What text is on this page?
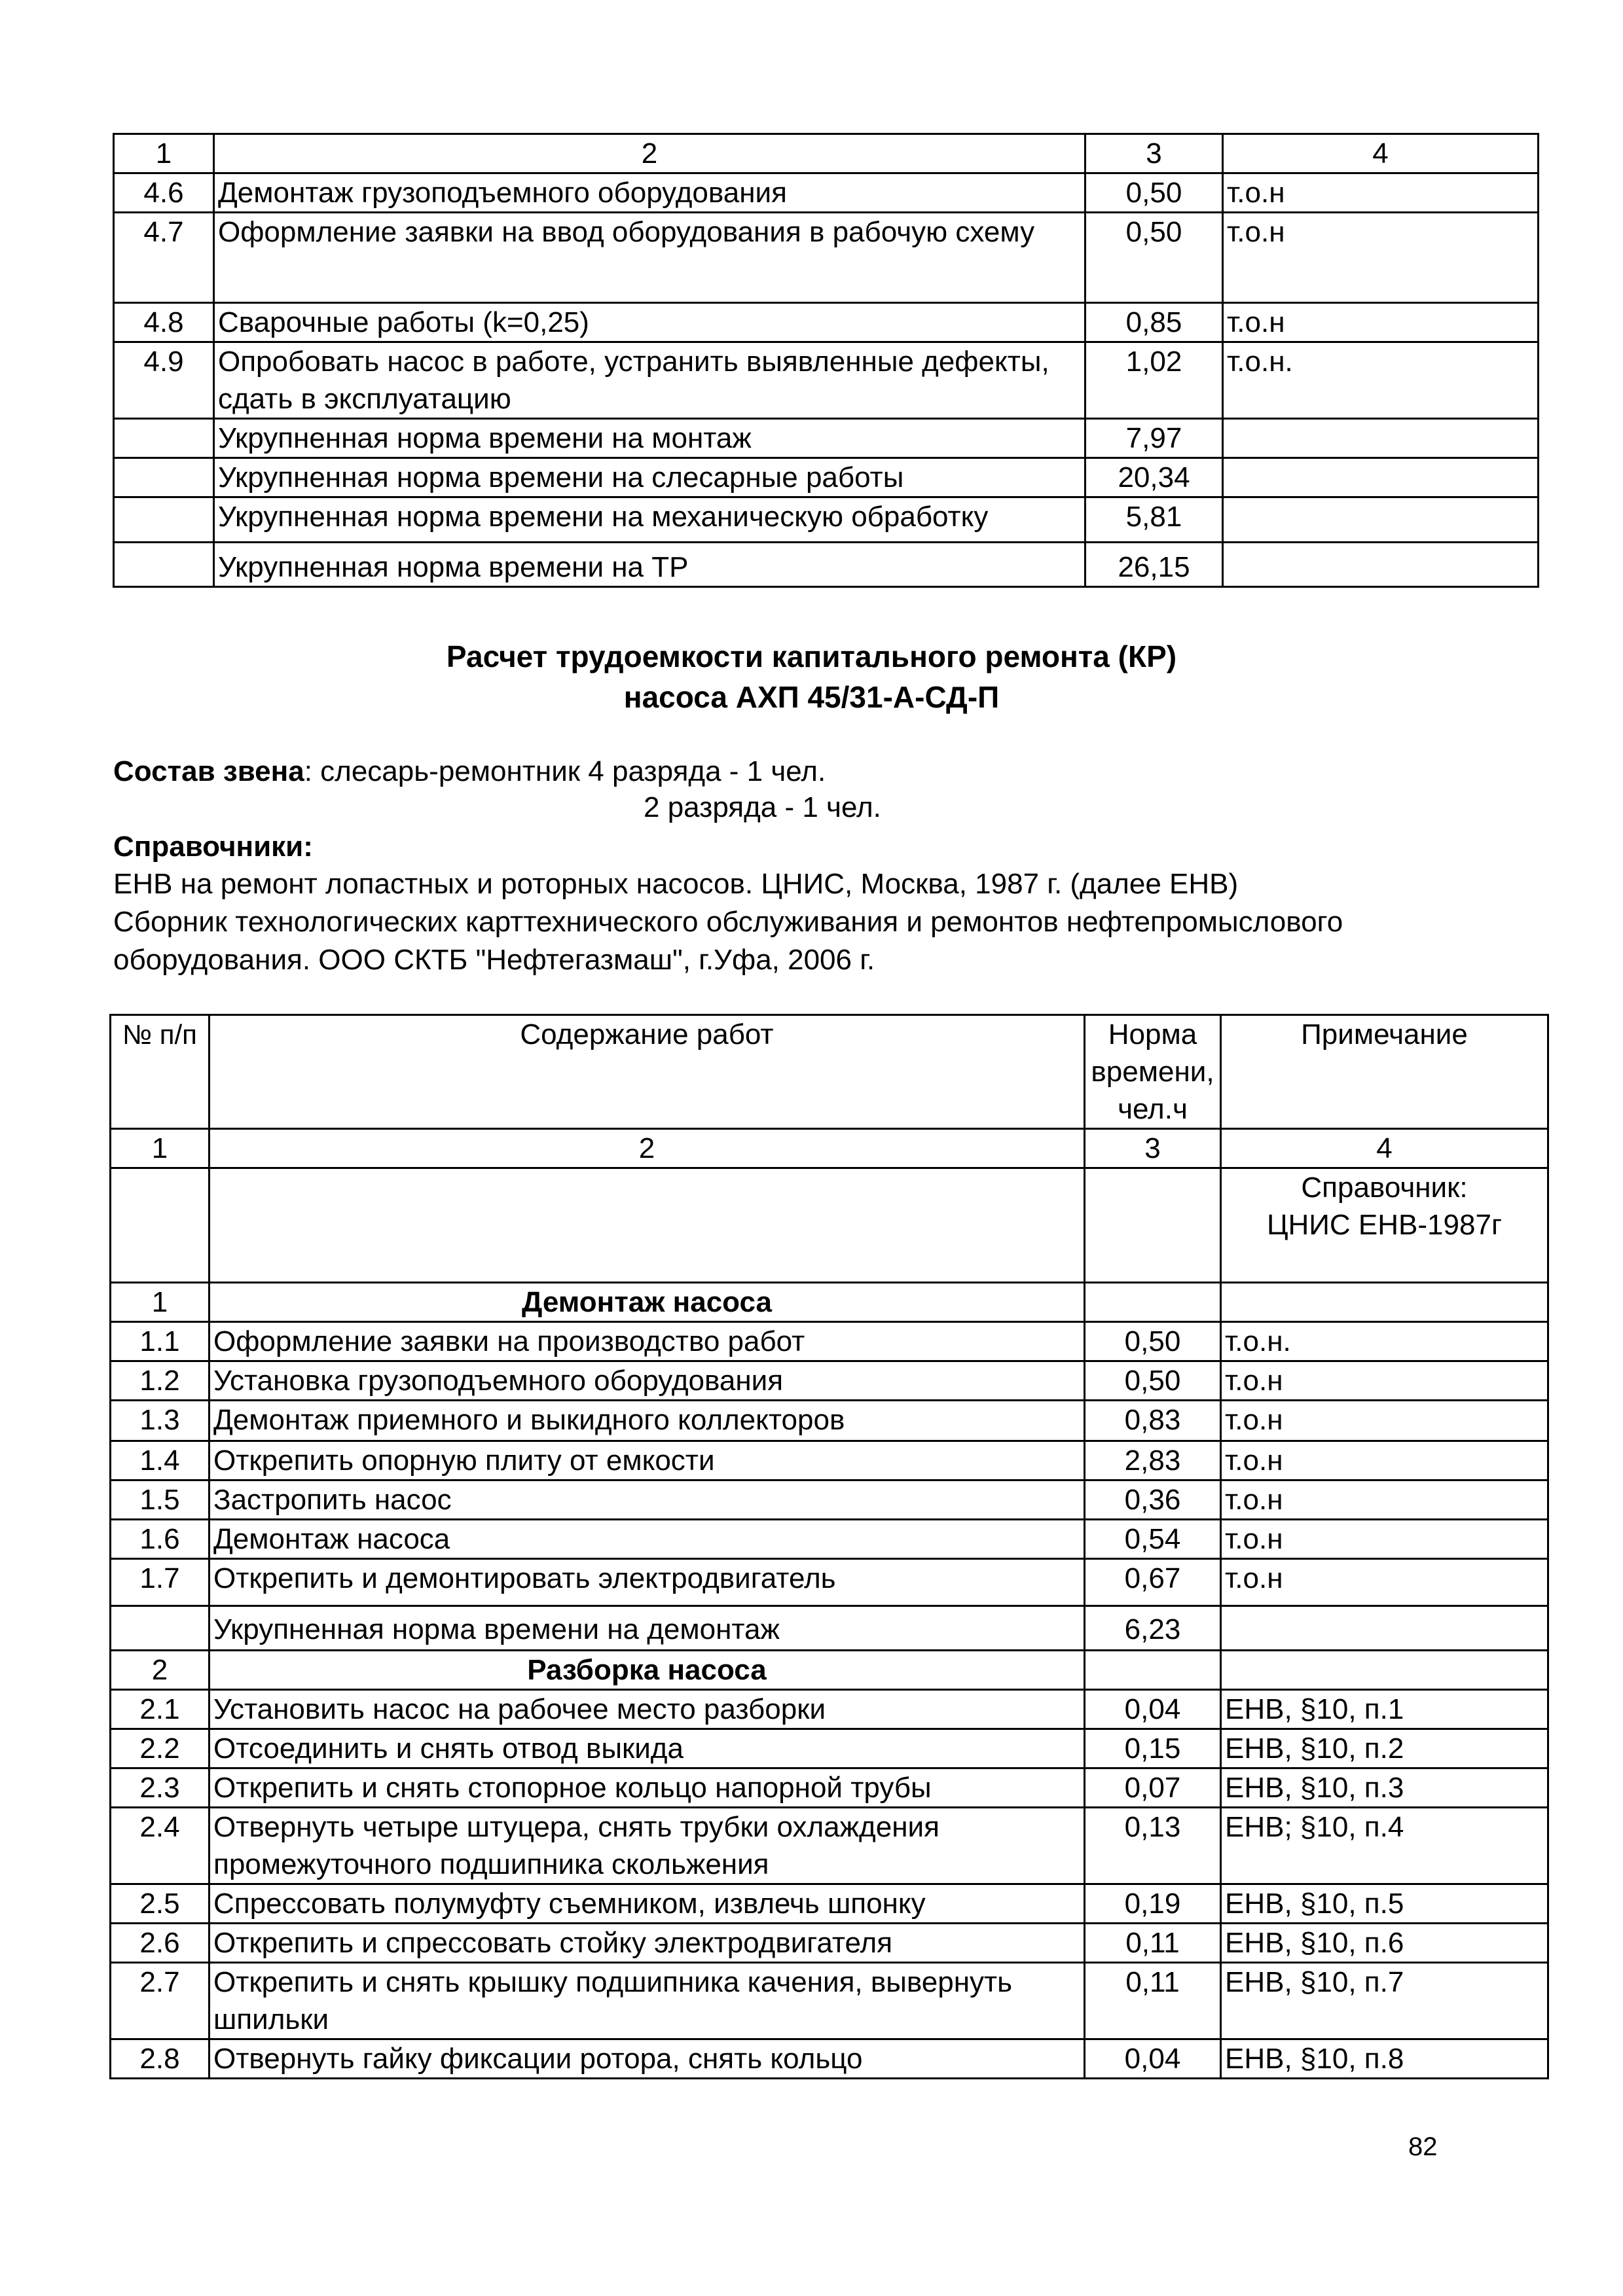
1	2	3	4
4.6	Демонтаж грузоподъемного оборудования	0,50	т.о.н
4.7	Оформление заявки на ввод оборудования в рабочую схему	0,50	т.о.н
4.8	Сварочные работы (k=0,25)	0,85	т.о.н
4.9	Опробовать насос в работе, устранить выявленные дефекты, сдать в эксплуатацию	1,02	т.о.н.
	Укрупненная норма времени на монтаж	7,97	
	Укрупненная норма времени на слесарные работы	20,34	
	Укрупненная норма времени на механическую обработку	5,81	
	Укрупненная норма времени на ТР	26,15	
Расчет трудоемкости капитального ремонта (КР)
насоса АХП 45/31-А-СД-П
Состав звена: слесарь-ремонтник 4 разряда - 1 чел.
2 разряда - 1 чел.
Справочники:
ЕНВ на ремонт лопастных и роторных насосов. ЦНИС, Москва, 1987 г. (далее ЕНВ)
Сборник технологических карттехнического обслуживания и ремонтов нефтепромыслового
оборудования. ООО СКТБ "Нефтегазмаш", г.Уфа, 2006 г.
№ п/п	Содержание работ	Норма времени, чел.ч	Примечание
1	2	3	4
			Справочник: ЦНИС ЕНВ-1987г
1	Демонтаж насоса		
1.1	Оформление заявки на производство работ	0,50	т.о.н.
1.2	Установка грузоподъемного оборудования	0,50	т.о.н
1.3	Демонтаж приемного и выкидного коллекторов	0,83	т.о.н
1.4	Открепить опорную плиту от емкости	2,83	т.о.н
1.5	Застропить насос	0,36	т.о.н
1.6	Демонтаж насоса	0,54	т.о.н
1.7	Открепить и демонтировать электродвигатель	0,67	т.о.н
	Укрупненная норма времени на демонтаж	6,23	
2	Разборка насоса		
2.1	Установить насос на рабочее место разборки	0,04	ЕНВ, §10, п.1
2.2	Отсоединить и снять отвод выкида	0,15	ЕНВ, §10, п.2
2.3	Открепить и снять стопорное кольцо напорной трубы	0,07	ЕНВ, §10, п.3
2.4	Отвернуть четыре штуцера, снять трубки охлаждения промежуточного подшипника скольжения	0,13	ЕНВ; §10, п.4
2.5	Спрессовать полумуфту съемником, извлечь шпонку	0,19	ЕНВ, §10, п.5
2.6	Открепить и спрессовать стойку электродвигателя	0,11	ЕНВ, §10, п.6
2.7	Открепить и снять крышку подшипника качения, вывернуть шпильки	0,11	ЕНВ, §10, п.7
2.8	Отвернуть гайку фиксации ротора, снять кольцо	0,04	ЕНВ, §10, п.8
82
